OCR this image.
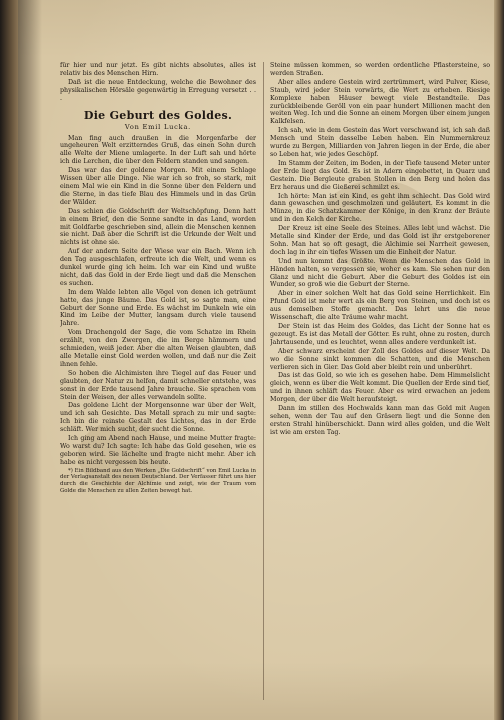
für hier und nur jetzt. Es gibt nichts absolutes, alles ist relativ bis des Menschen Hirn.

Daß ist die neue Entdeckung, welche die Bewohner des physikalischen Hörsäle gegenwärtig in Erregung versetzt . . .

Die Geburt des Goldes.
Von Emil Lucka.

Man fing auch draußen in die Morgenfarbe der ungeheuren Welt erzitterndes Gruß, das einen Sohn durch alle Welte der Miene umlagerte. In der Luft sah und hörte ich die Lerchen, die über den Feldern standen und sangen.

Das war das der goldene Morgen. Mit einem Schlage Wissen über alle Dinge. Nie war ich so froh, so stark, mit einem Mal wie ein Kind in die Sonne über den Feldern und die Sterne, in das tiefe Blau des Himmels und in das Grün der Wälder.

Das schien die Goldschrift der Weltschöpfung. Denn hatt in einem Brief, den die Sonne sandte in das Land, worden mit Goldfarbe geschrieben sind, allein die Menschen kennen sie nicht. Daß aber die Schrift ist die Urkunde der Welt und nichts ist ohne sie.

Auf der andern Seite der Wiese war ein Bach. Wenn ich den Tag ausgeschlafen, erfreute ich die Welt, und wenn es dunkel wurde ging ich heim. Ich war ein Kind und wußte nicht, daß das Gold in der Erde liegt und daß die Menschen es suchen.

Im dem Walde lebten alle Vögel von denen ich geträumt hatte, das junge Bäume. Das Gold ist, so sagte man, eine Geburt der Sonne und Erde. Es wächst im Dunkeln wie ein Kind im Leibe der Mutter, langsam durch viele tausend Jahre.

Vom Drachengold der Sage, die vom Schatze im Rhein erzählt, von den Zwergen, die im Berge hämmern und schmieden, weiß jeder. Aber die alten Weisen glaubten, daß alle Metalle einst Gold werden wollen, und daß nur die Zeit ihnen fehle.

So hoben die Alchimisten ihre Tiegel auf das Feuer und glaubten, der Natur zu helfen, damit schneller entstehe, was sonst in der Erde tausend Jahre brauche. Sie sprachen vom Stein der Weisen, der alles verwandeln sollte.

Das goldene Licht der Morgensonne war über der Welt, und ich sah Gesichte. Das Metall sprach zu mir und sagte: Ich bin die reinste Gestalt des Lichtes, das in der Erde schläft. Wer mich sucht, der sucht die Sonne.

Ich ging am Abend nach Hause, und meine Mutter fragte: Wo warst du? Ich sagte: Ich habe das Gold gesehen, wie es geboren wird. Sie lächelte und fragte nicht mehr. Aber ich habe es nicht vergessen bis heute.

*) Ein Bildband aus den Werken „Die Goldschrift“ von Emil Lucka in der Verlagsanstalt des neuen Deutschland. Der Verfasser führt uns hier durch die Geschichte der Alchimie und zeigt, wie der Traum vom Golde die Menschen zu allen Zeiten bewegt hat.

Steine müssen kommen, so werden ordentliche Pflastersteine, so werden Straßen.

Aber alles andere Gestein wird zertrümmert, wird Pulver, Kiese, Staub, wird jeder Stein vorwärts, die Wert zu erheben. Riesige Komplexe haben Häuser bewegt viele Bestandteile. Das zurückbleibende Geröll von ein paar hundert Millionen macht den weiten Weg. Ich und die Sonne an einem Morgen über einem jungen Kalkfelsen.

Ich sah, wie in dem Gestein das Wort verschwand ist, ich sah daß Mensch und Stein dasselbe Leben haben. Ein Nummernkreuz wurde zu Bergen, Milliarden von Jahren liegen in der Erde, die aber so Leben hat, wie jedes Geschöpf.

Im Stamm der Zeiten, im Boden, in der Tiefe tausend Meter unter der Erde liegt das Gold. Es ist in Adern eingebettet, in Quarz und Gestein. Die Bergleute graben Stollen in den Berg und holen das Erz heraus und die Gießerei schmilzt es.

Ich hörte: Man ist ein Kind, es geht ihm schlecht. Das Gold wird dann gewaschen und geschmolzen und geläutert. Es kommt in die Münze, in die Schatzkammer der Könige, in den Kranz der Bräute und in den Kelch der Kirche.

Der Kreuz ist eine Seele des Steines. Alles lebt und wächst. Die Metalle sind Kinder der Erde, und das Gold ist ihr erstgeborener Sohn. Man hat so oft gesagt, die Alchimie sei Narrheit gewesen, doch lag in ihr ein tiefes Wissen um die Einheit der Natur.

Und nun kommt das Größte. Wenn die Menschen das Gold in Händen halten, so vergessen sie, woher es kam. Sie sehen nur den Glanz und nicht die Geburt. Aber die Geburt des Goldes ist ein Wunder, so groß wie die Geburt der Sterne.

Aber in einer solchen Welt hat das Gold seine Herrlichkeit. Ein Pfund Gold ist mehr wert als ein Berg von Steinen, und doch ist es aus demselben Stoffe gemacht. Das lehrt uns die neue Wissenschaft, die alte Träume wahr macht.

Der Stein ist das Heim des Goldes, das Licht der Sonne hat es gezeugt. Es ist das Metall der Götter. Es ruht, ohne zu rosten, durch Jahrtausende, und es leuchtet, wenn alles andere verdunkelt ist.

Aber schwarz erscheint der Zoll des Goldes auf dieser Welt. Da wo die Sonne sinkt kommen die Schatten, und die Menschen verlieren sich in Gier. Das Gold aber bleibt rein und unberührt.

Das ist das Gold, so wie ich es gesehen habe. Dem Himmelslicht gleich, wenn es über die Welt kommt. Die Quellen der Erde sind tief, und in ihnen schläft das Feuer. Aber es wird erwachen an jedem Morgen, der über die Welt heraufsteigt.

Dann im stillen des Hochwalds kann man das Gold mit Augen sehen, wenn der Tau auf den Gräsern liegt und die Sonne den ersten Strahl hinüberschickt. Dann wird alles golden, und die Welt ist wie am ersten Tag.
